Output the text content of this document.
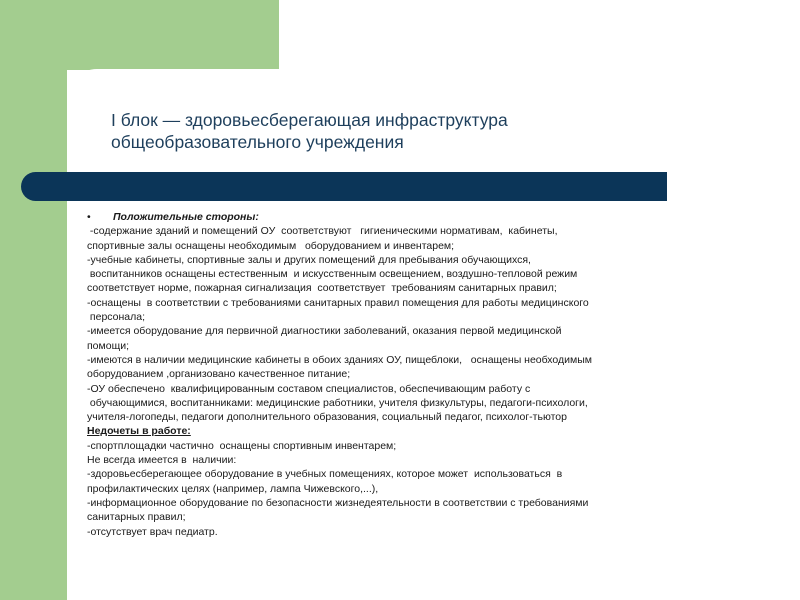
I блок — здоровьесберегающая инфраструктура
общеобразовательного учреждения
• Положительные стороны:
-содержание зданий и помещений ОУ  соответствуют   гигиеническими нормативам,  кабинеты,
спортивные залы оснащены необходимым   оборудованием и инвентарем;
-учебные кабинеты, спортивные залы и других помещений для пребывания обучающихся,
воспитанников оснащены естественным  и искусственным освещением, воздушно-тепловой режим
соответствует норме, пожарная сигнализация  соответствует  требованиям санитарных правил;
-оснащены  в соответствии с требованиями санитарных правил помещения для работы медицинского
персонала;
-имеется оборудование для первичной диагностики заболеваний, оказания первой медицинской
помощи;
-имеются в наличии медицинские кабинеты в обоих зданиях ОУ, пищеблоки,   оснащены необходимым
оборудованием ,организовано качественное питание;
-ОУ обеспечено  квалифицированным составом специалистов, обеспечивающим работу с
обучающимися, воспитанниками: медицинские работники, учителя физкультуры, педагоги-психологи,
учителя-логопеды, педагоги дополнительного образования, социальный педагог, психолог-тьютор
Недочеты в работе:
-спортплощадки частично  оснащены спортивным инвентарем;
Не всегда имеется в  наличии:
-здоровьесберегающее оборудование в учебных помещениях, которое может  использоваться  в
профилактических целях (например, лампа Чижевского,...),
-информационное оборудование по безопасности жизнедеятельности в соответствии с требованиями
санитарных правил;
-отсутствует врач педиатр.
